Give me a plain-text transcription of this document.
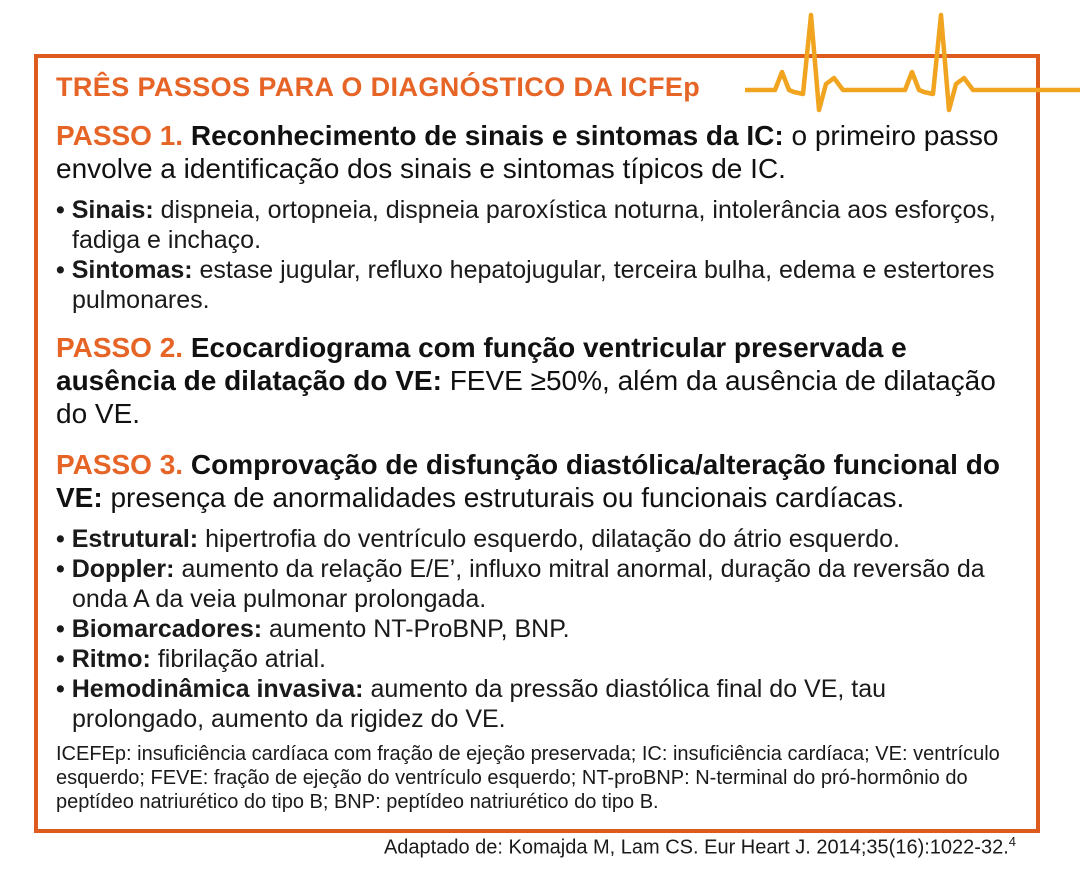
TRÊS PASSOS PARA O DIAGNÓSTICO DA ICFEp

PASSO 1. Reconhecimento de sinais e sintomas da IC: o primeiro passo envolve a identificação dos sinais e sintomas típicos de IC.

• Sinais: dispneia, ortopneia, dispneia paroxística noturna, intolerância aos esforços, fadiga e inchaço.
• Sintomas: estase jugular, refluxo hepatojugular, terceira bulha, edema e estertores pulmonares.

PASSO 2. Ecocardiograma com função ventricular preservada e ausência de dilatação do VE: FEVE ≥50%, além da ausência de dilatação do VE.

PASSO 3. Comprovação de disfunção diastólica/alteração funcional do VE: presença de anormalidades estruturais ou funcionais cardíacas.

• Estrutural: hipertrofia do ventrículo esquerdo, dilatação do átrio esquerdo.
• Doppler: aumento da relação E/E’, influxo mitral anormal, duração da reversão da onda A da veia pulmonar prolongada.
• Biomarcadores: aumento NT-ProBNP, BNP.
• Ritmo: fibrilação atrial.
• Hemodinâmica invasiva: aumento da pressão diastólica final do VE, tau prolongado, aumento da rigidez do VE.

ICEFEp: insuficiência cardíaca com fração de ejeção preservada; IC: insuficiência cardíaca; VE: ventrículo esquerdo; FEVE: fração de ejeção do ventrículo esquerdo; NT-proBNP: N-terminal do pró-hormônio do peptídeo natriurético do tipo B; BNP: peptídeo natriurético do tipo B.

Adaptado de: Komajda M, Lam CS. Eur Heart J. 2014;35(16):1022-32.$^4$
